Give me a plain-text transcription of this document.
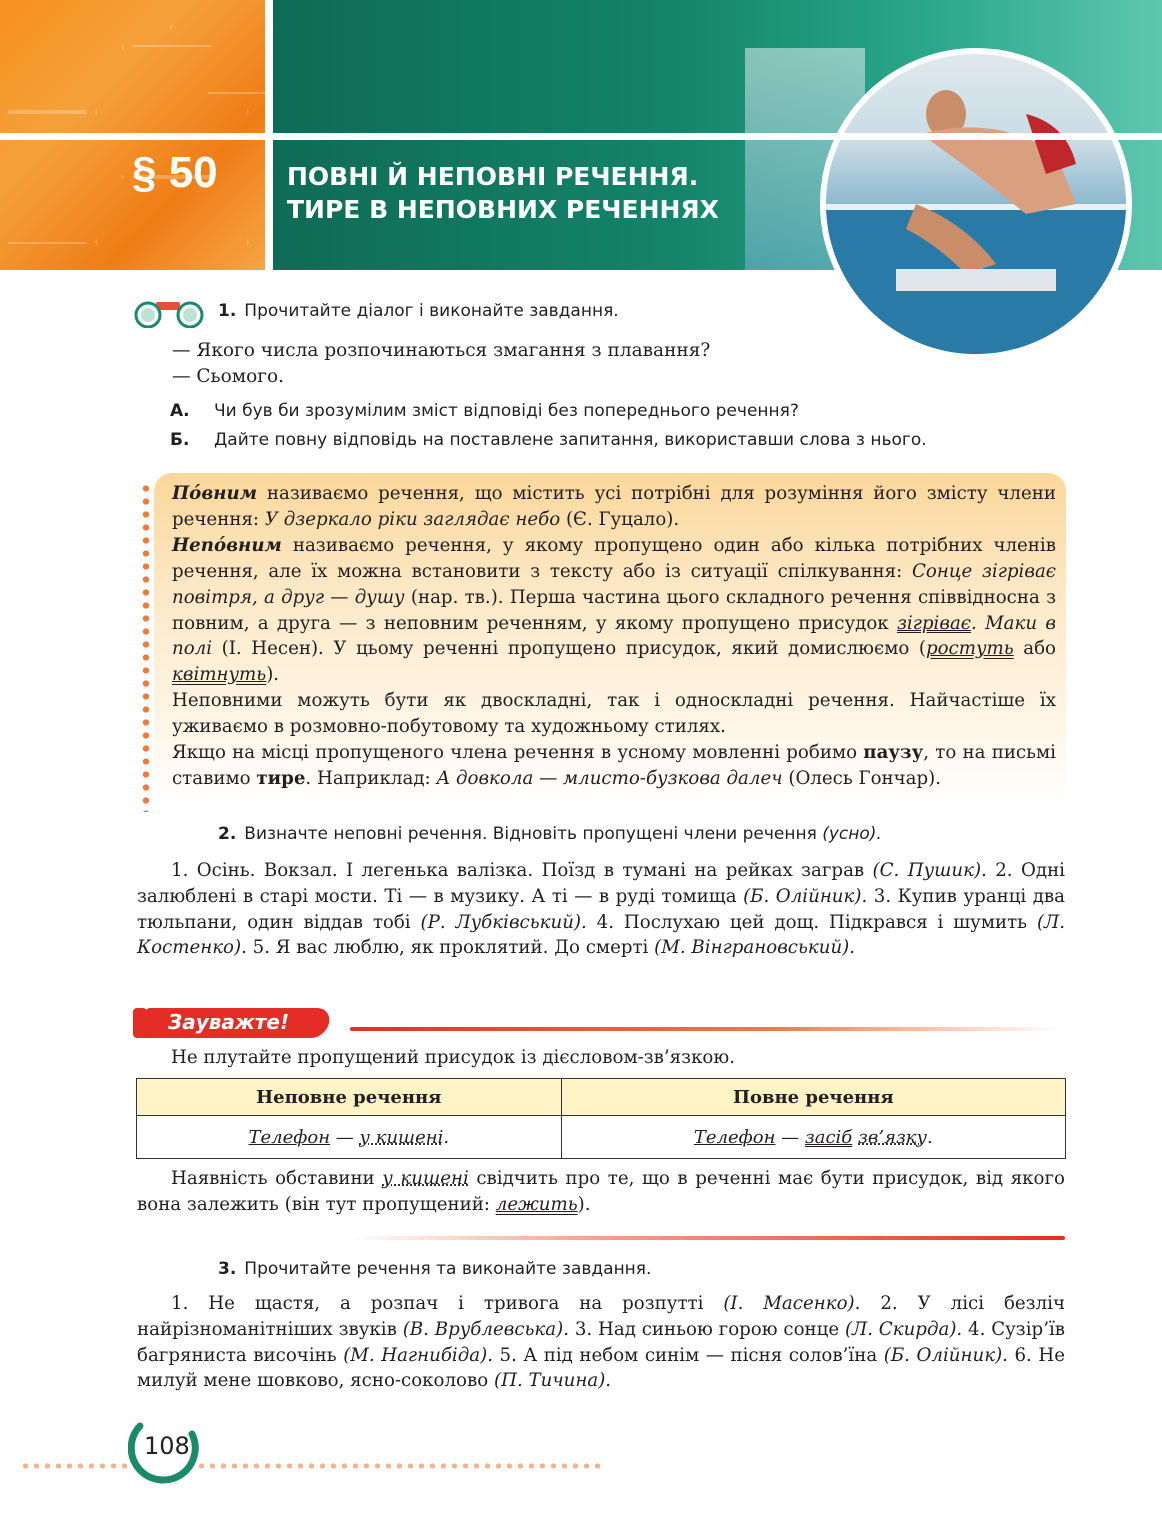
§ 50	ПОВНІ Й НЕПОВНІ РЕЧЕННЯ.
ТИРЕ В НЕПОВНИХ РЕЧЕННЯХ
1. Прочитайте діалог і виконайте завдання.
— Якого числа розпочинаються змагання з плавання?
— Сьомого.
А. Чи був би зрозумілим зміст відповіді без попереднього речення?
Б. Дайте повну відповідь на поставлене запитання, використавши слова з нього.

Пóвним називаємо речення, що містить усі потрібні для розуміння його змісту члени речення: У дзеркало ріки заглядає небо (Є. Гуцало).

Непóвним називаємо речення, у якому пропущено один або кілька потрібних членів речення, але їх можна встановити з тексту або із ситуації спілкування: Сонце зігріває повітря, а друг — душу (нар. тв.). Перша частина цього складного речення співвідносна з повним, а друга — з неповним реченням, у якому пропущено присудок зігріває. Маки в полі (І. Несен). У цьому реченні пропущено присудок, який домислюємо (ростуть або квітнуть).

Неповними можуть бути як двоскладні, так і односкладні речення. Найчастіше їх уживаємо в розмовно-побутовому та художньому стилях.

Якщо на місці пропущеного члена речення в усному мовленні робимо паузу, то на письмі ставимо тире. Наприклад: А довкола — млисто-бузкова далеч (Олесь Гончар).

2. Визначте неповні речення. Відновіть пропущені члени речення (усно).

1. Осінь. Вокзал. І легенька валізка. Поїзд в тумані на рейках заграв (С. Пушик). 2. Одні залюблені в старі мости. Ті — в музику. А ті — в руді томища (Б. Олійник). 3. Купив уранці два тюльпани, один віддав тобі (Р. Лубківський). 4. Послухаю цей дощ. Підкрався і шумить (Л. Костенко). 5. Я вас люблю, як проклятий. До смерті (М. Вінграновський).

Зауважте!

Не плутайте пропущений присудок із дієсловом-зв’язкою.

Неповне речення	Повне речення
Телефон — у кишені.	Телефон — засіб зв’язку.

Наявність обставини у кишені свідчить про те, що в реченні має бути присудок, від якого вона залежить (він тут пропущений: лежить).

3. Прочитайте речення та виконайте завдання.

1. Не щастя, а розпач і тривога на розпутті (І. Масенко). 2. У лісі безліч найрізноманітніших звуків (В. Врублевська). 3. Над синьою горою сонце (Л. Скирда). 4. Сузір’їв багряниста височінь (М. Нагнибіда). 5. А під небом синім — пісня солов’їна (Б. Олійник). 6. Не милуй мене шовково, ясно-соколово (П. Тичина).

108
